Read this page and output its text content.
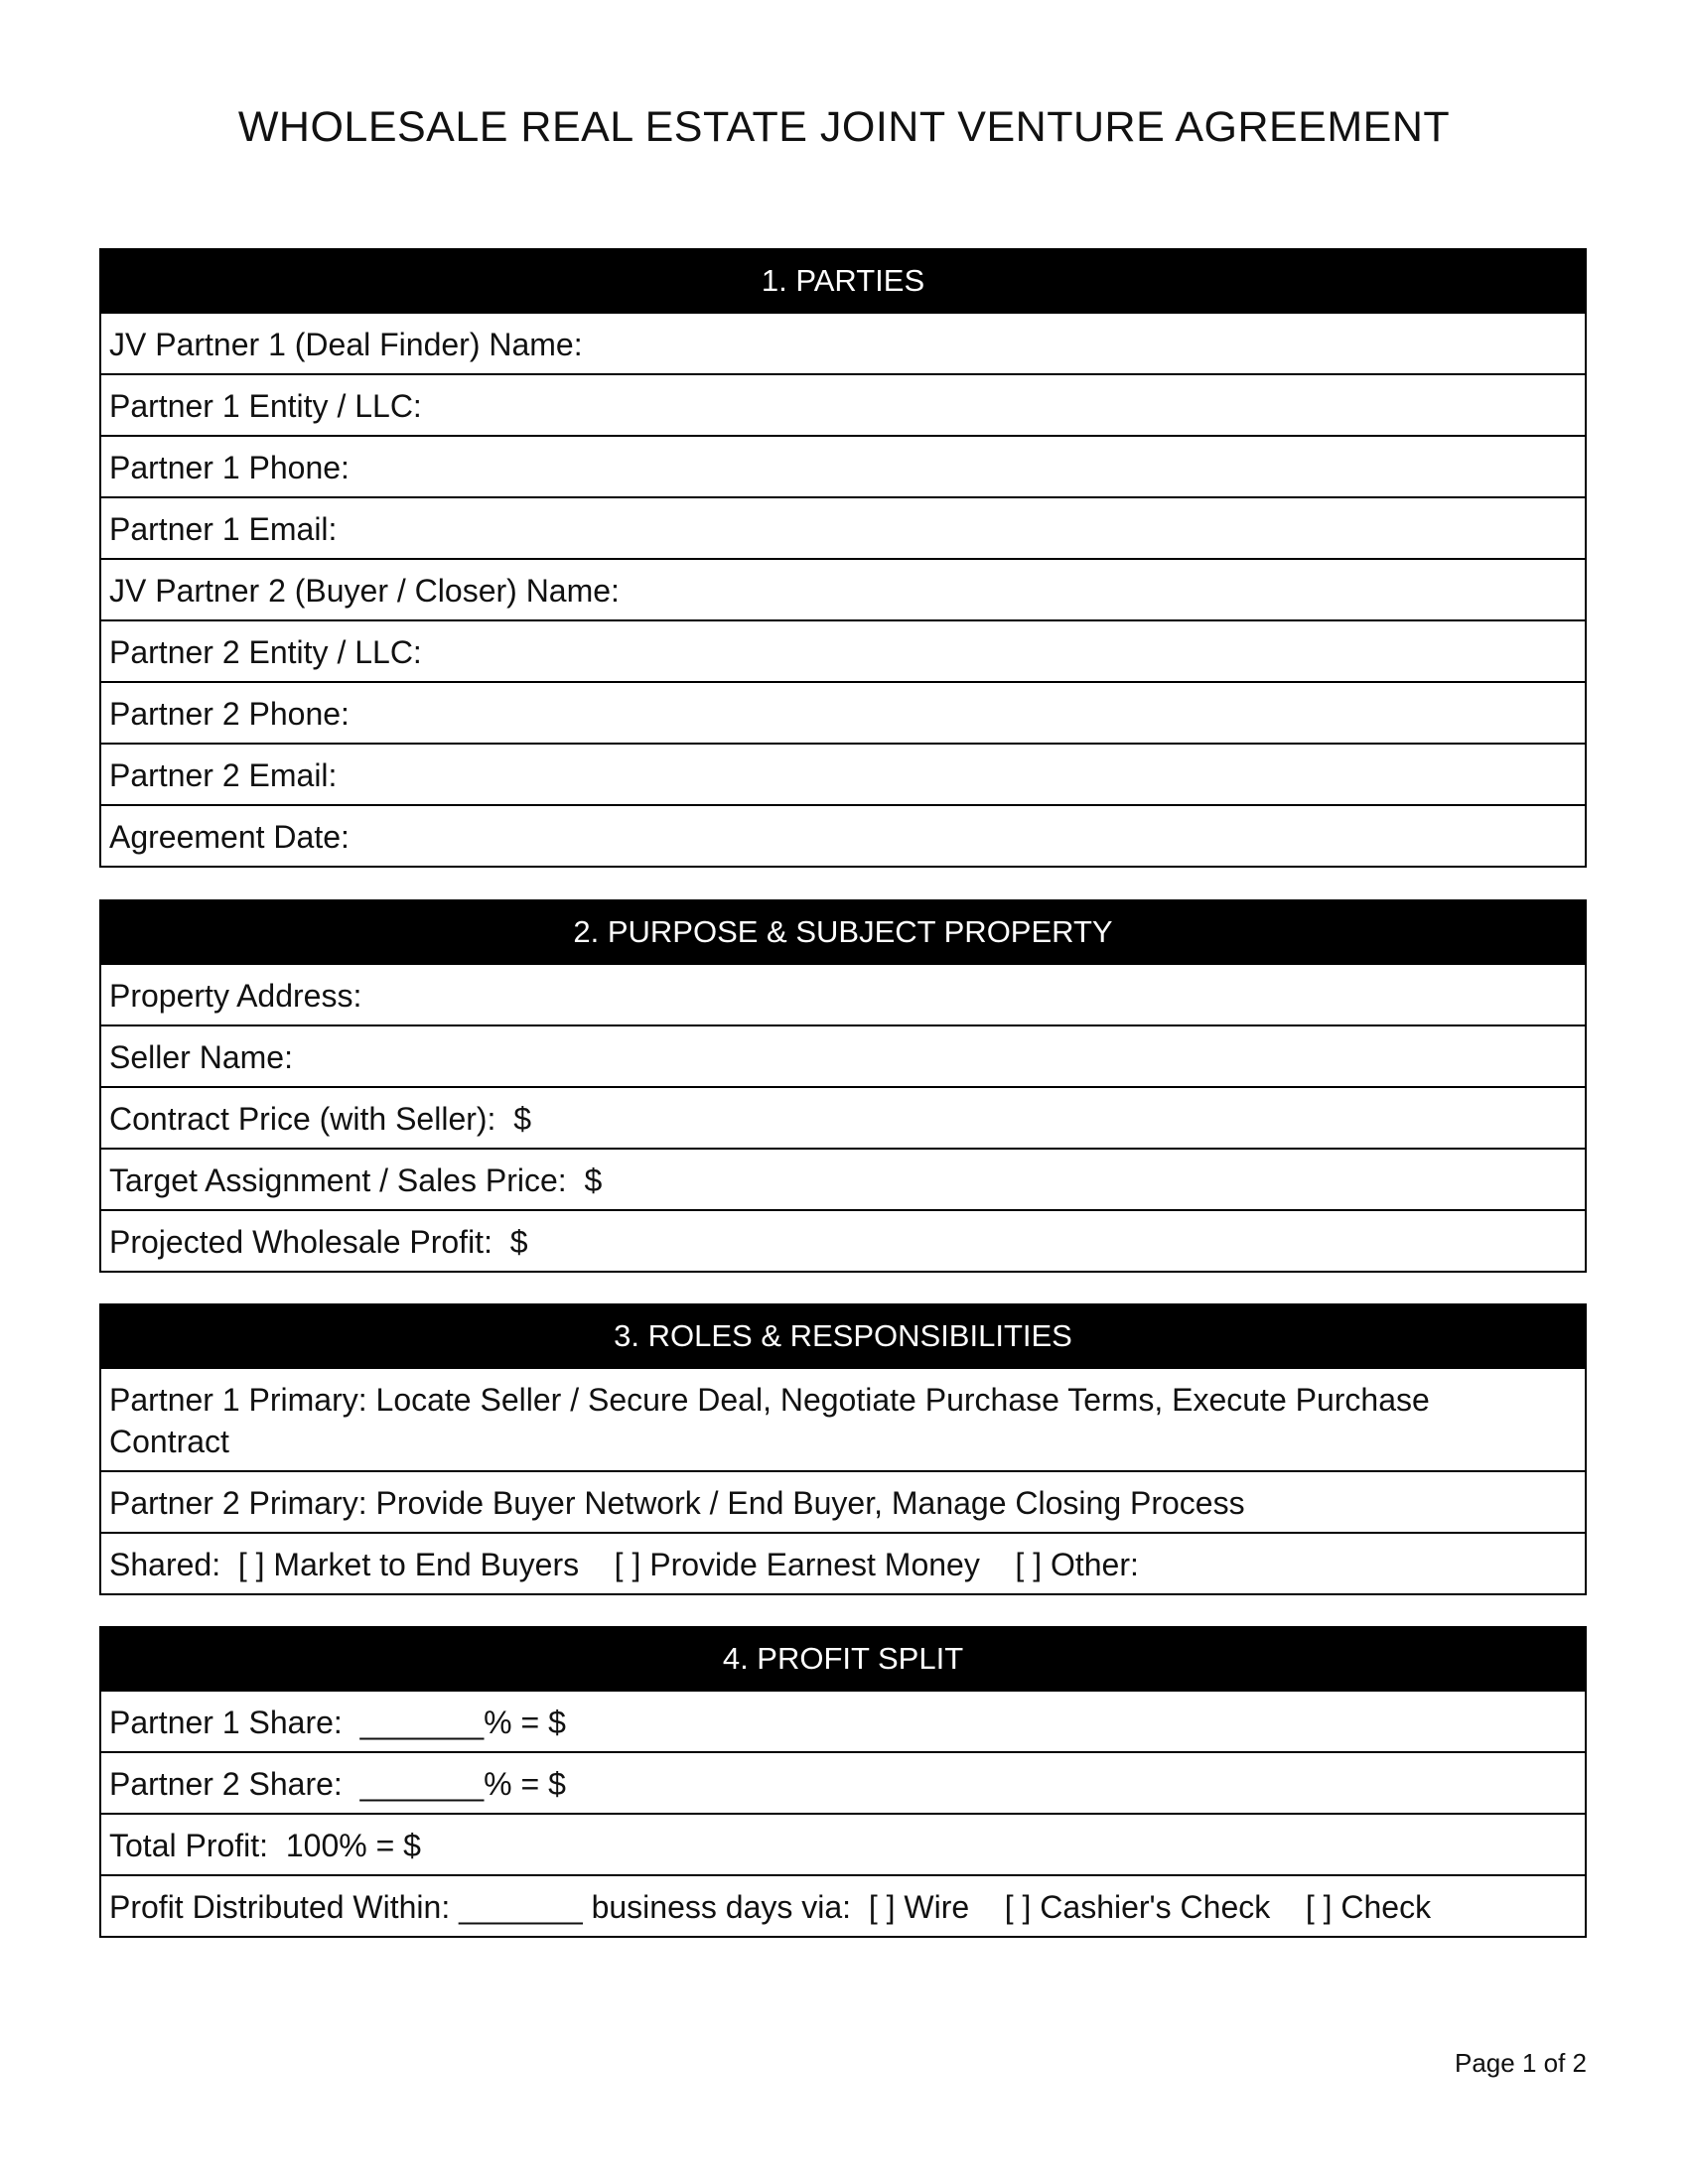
WHOLESALE REAL ESTATE JOINT VENTURE AGREEMENT
1. PARTIES
JV Partner 1 (Deal Finder) Name:
Partner 1 Entity / LLC:
Partner 1 Phone:
Partner 1 Email:
JV Partner 2 (Buyer / Closer) Name:
Partner 2 Entity / LLC:
Partner 2 Phone:
Partner 2 Email:
Agreement Date:
2. PURPOSE & SUBJECT PROPERTY
Property Address:
Seller Name:
Contract Price (with Seller):  $
Target Assignment / Sales Price:  $
Projected Wholesale Profit:  $
3. ROLES & RESPONSIBILITIES
Partner 1 Primary: Locate Seller / Secure Deal, Negotiate Purchase Terms, Execute Purchase Contract
Partner 2 Primary: Provide Buyer Network / End Buyer, Manage Closing Process
Shared:  [ ] Market to End Buyers    [ ] Provide Earnest Money    [ ] Other:
4. PROFIT SPLIT
Partner 1 Share:  _______% = $
Partner 2 Share:  _______% = $
Total Profit:  100% = $
Profit Distributed Within: _______ business days via:  [ ] Wire    [ ] Cashier's Check    [ ] Check
Page 1 of 2
